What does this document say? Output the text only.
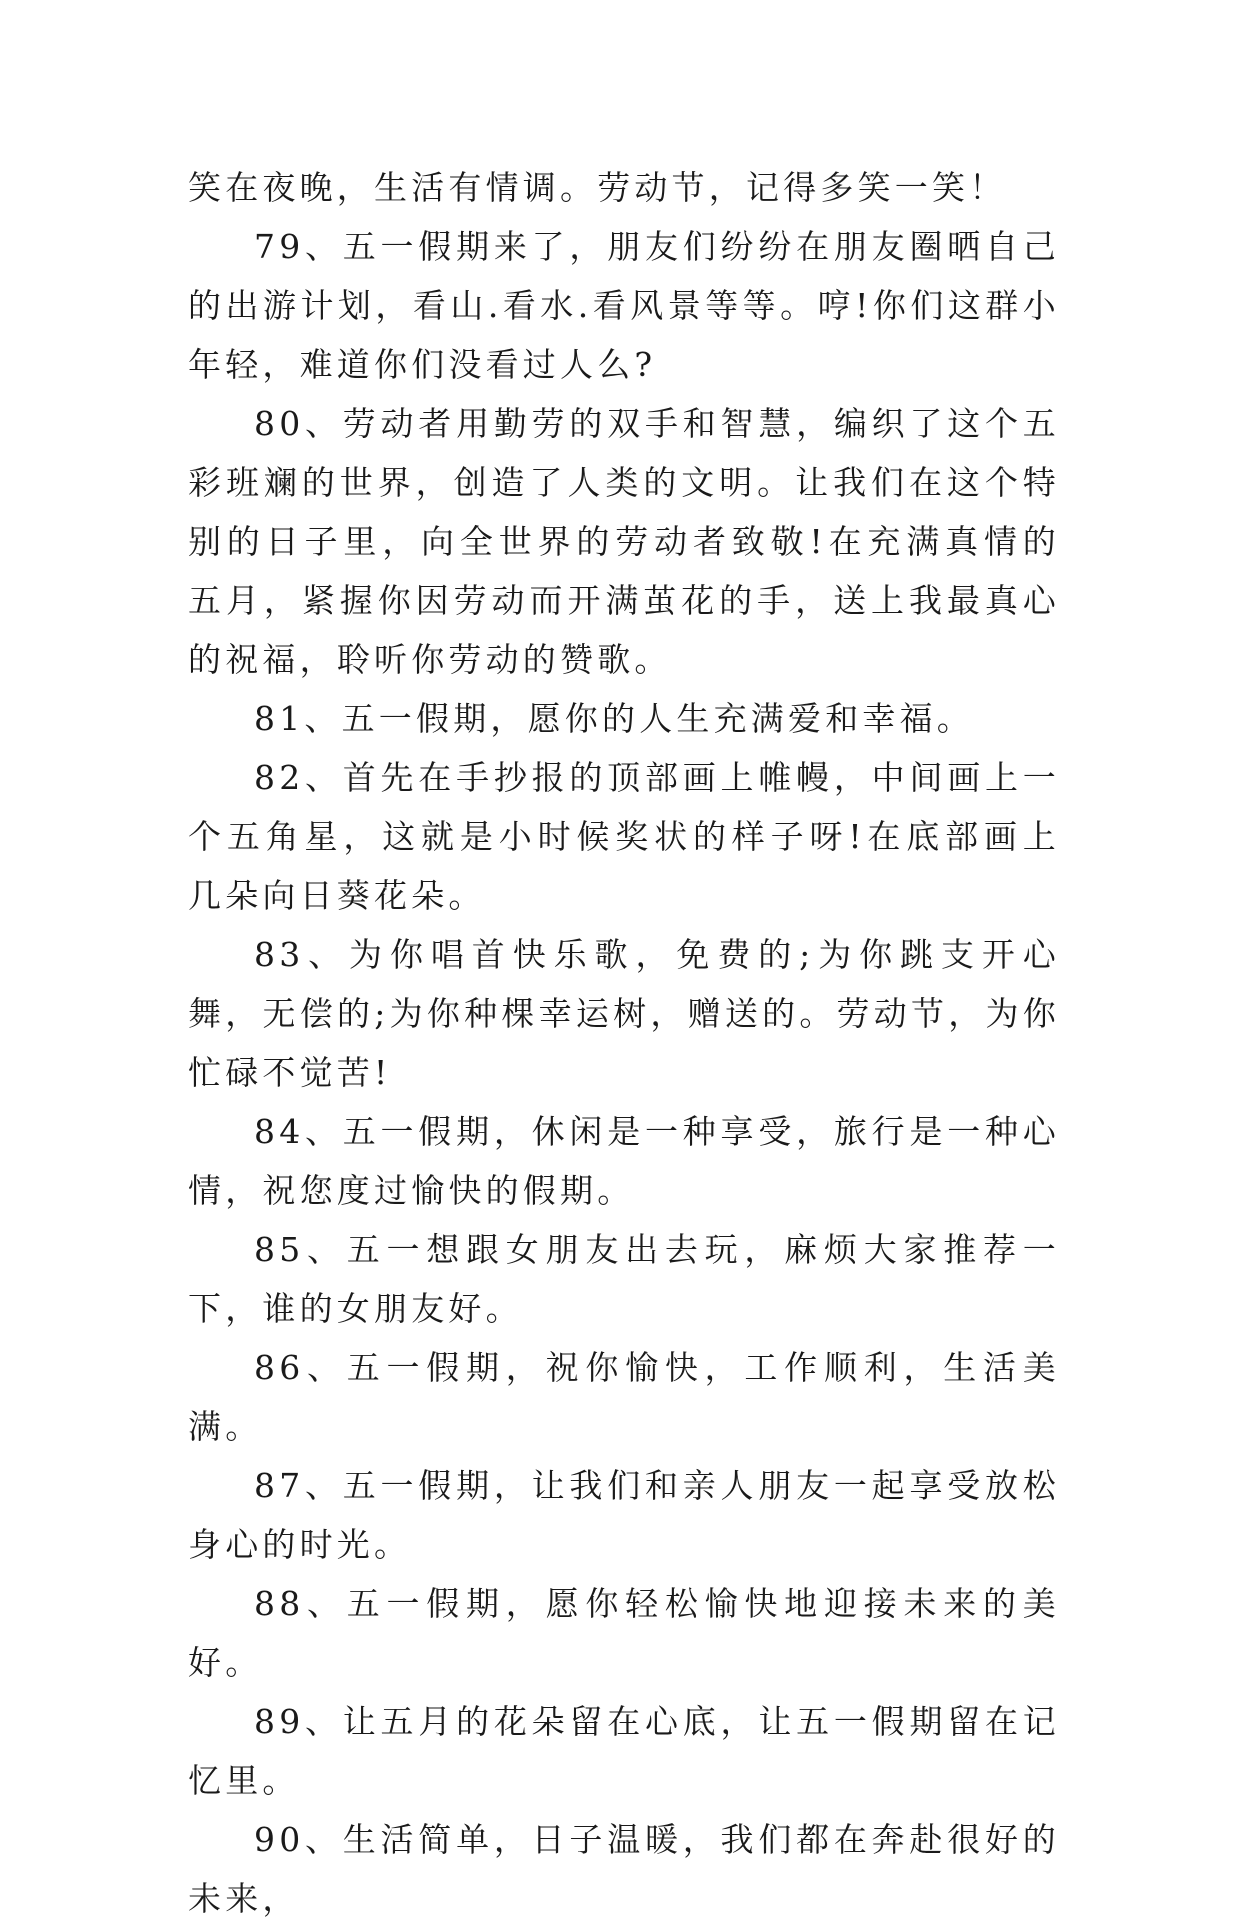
笑在夜晚，生活有情调。劳动节，记得多笑一笑！

79、五一假期来了，朋友们纷纷在朋友圈晒自己的出游计划，看山.看水.看风景等等。哼!你们这群小年轻，难道你们没看过人么?

80、劳动者用勤劳的双手和智慧，编织了这个五彩班斓的世界，创造了人类的文明。让我们在这个特别的日子里，向全世界的劳动者致敬!在充满真情的五月，紧握你因劳动而开满茧花的手，送上我最真心的祝福，聆听你劳动的赞歌。

81、五一假期，愿你的人生充满爱和幸福。

82、首先在手抄报的顶部画上帷幔，中间画上一个五角星，这就是小时候奖状的样子呀!在底部画上几朵向日葵花朵。

83、为你唱首快乐歌，免费的;为你跳支开心舞，无偿的;为你种棵幸运树，赠送的。劳动节，为你忙碌不觉苦!

84、五一假期，休闲是一种享受，旅行是一种心情，祝您度过愉快的假期。

85、五一想跟女朋友出去玩，麻烦大家推荐一下，谁的女朋友好。

86、五一假期，祝你愉快，工作顺利，生活美满。

87、五一假期，让我们和亲人朋友一起享受放松身心的时光。

88、五一假期，愿你轻松愉快地迎接未来的美好。

89、让五月的花朵留在心底，让五一假期留在记忆里。

90、生活简单，日子温暖，我们都在奔赴很好的未来，
